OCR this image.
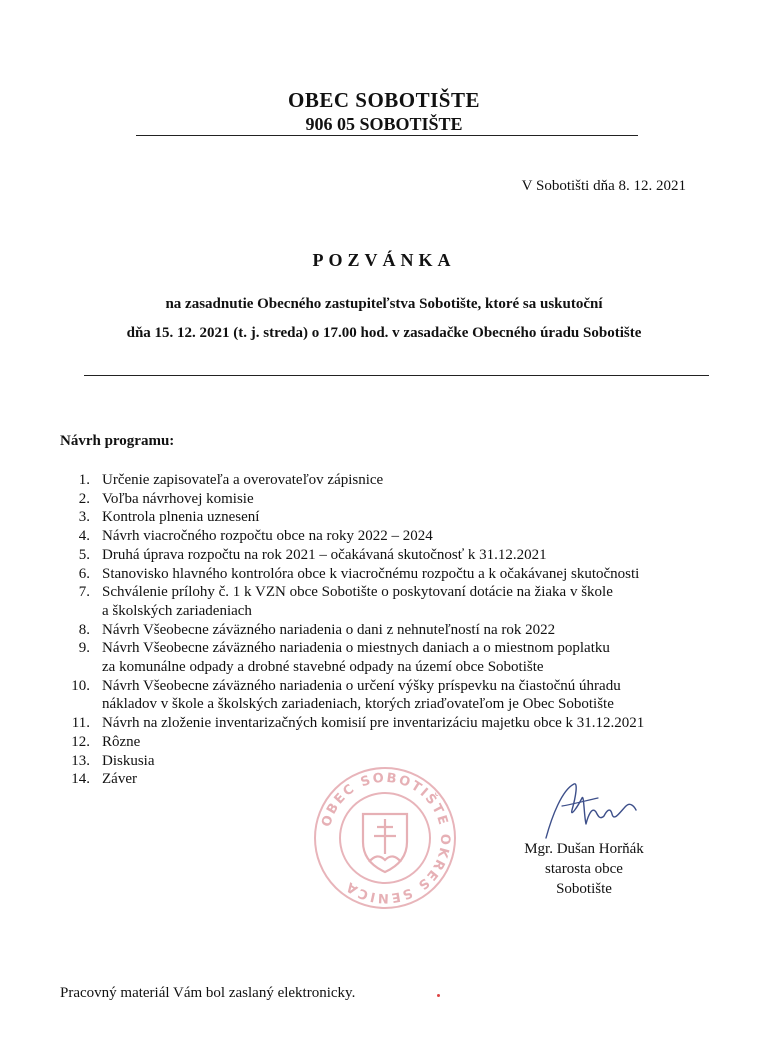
OBEC SOBOTIŠTE
906 05 SOBOTIŠTE
V Sobotišti dňa 8. 12. 2021
POZVÁNKA
na zasadnutie Obecného zastupiteľstva Sobotište, ktoré sa uskutoční
dňa 15. 12. 2021 (t. j. streda) o 17.00 hod. v zasadačke Obecného úradu Sobotište
Návrh programu:
1. Určenie zapisovateľa a overovateľov zápisnice
2. Voľba návrhovej komisie
3. Kontrola plnenia uznesení
4. Návrh viacročného rozpočtu obce na roky 2022 – 2024
5. Druhá úprava rozpočtu na rok 2021 – očakávaná skutočnosť k 31.12.2021
6. Stanovisko hlavného kontrolóra obce k viacročnému rozpočtu a k očakávanej skutočnosti
7. Schválenie prílohy č. 1 k VZN obce Sobotište o poskytovaní dotácie na žiaka v škole
a školských zariadeniach
8. Návrh Všeobecne záväzného nariadenia o dani z nehnuteľností na rok 2022
9. Návrh Všeobecne záväzného nariadenia o miestnych daniach a o miestnom poplatku
za komunálne odpady a drobné stavebné odpady na území obce Sobotište
10. Návrh Všeobecne záväzného nariadenia o určení výšky príspevku na čiastočnú úhradu
nákladov v škole a školských zariadeniach, ktorých zriaďovateľom je Obec Sobotište
11. Návrh na zloženie inventarizačných komisií pre inventarizáciu majetku obce k 31.12.2021
12. Rôzne
13. Diskusia
14. Záver
OBEC SOBOTIŠTE OKRES SENICA
Mgr. Dušan Horňák
starosta obce
Sobotište
Pracovný materiál Vám bol zaslaný elektronicky.
